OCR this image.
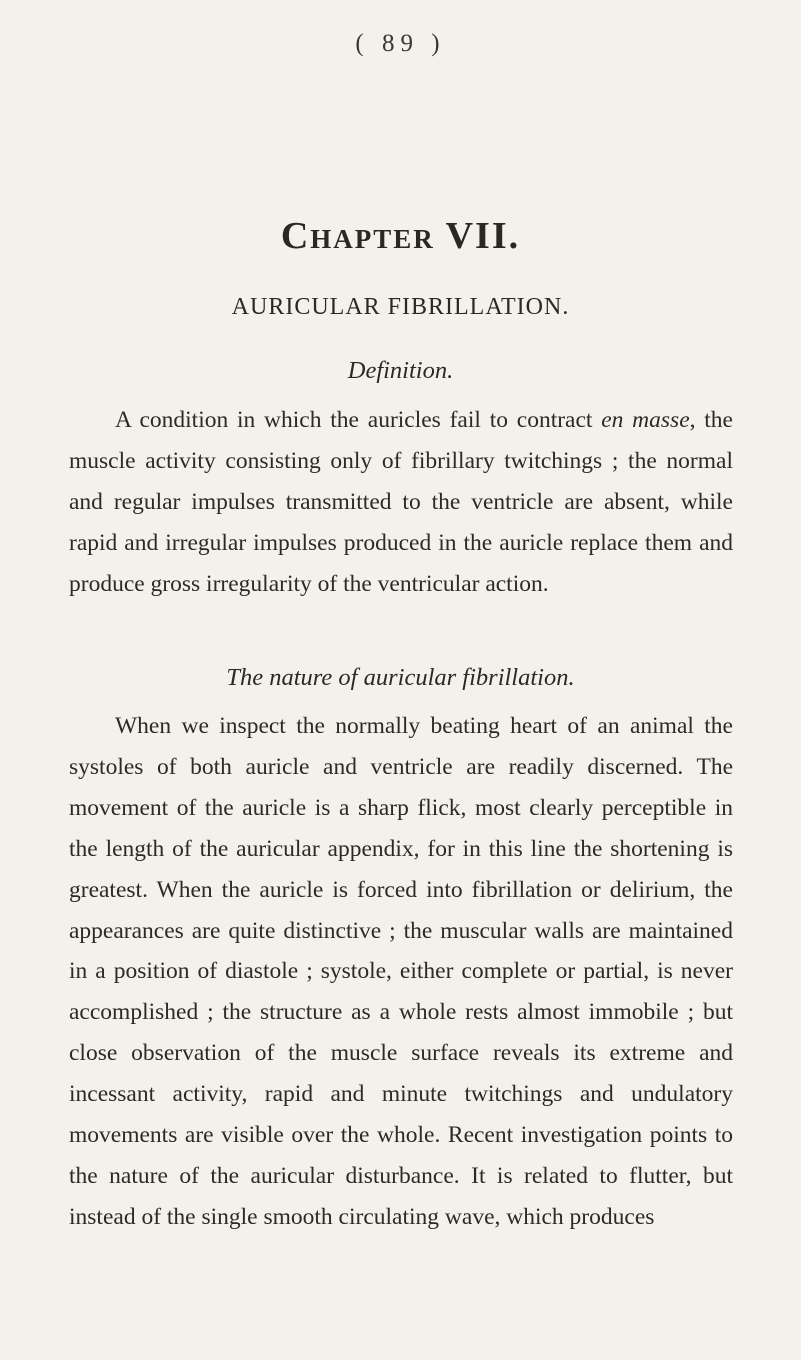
( 89 )
Chapter VII.
AURICULAR FIBRILLATION.
Definition.

A condition in which the auricles fail to contract en masse, the muscle activity consisting only of fibrillary twitchings ; the normal and regular impulses transmitted to the ventricle are absent, while rapid and irregular impulses produced in the auricle replace them and produce gross irregularity of the ventricular action.

The nature of auricular fibrillation.

When we inspect the normally beating heart of an animal the systoles of both auricle and ventricle are readily discerned. The movement of the auricle is a sharp flick, most clearly perceptible in the length of the auricular appendix, for in this line the shortening is greatest. When the auricle is forced into fibrillation or delirium, the appearances are quite distinctive ; the muscular walls are maintained in a position of diastole ; systole, either complete or partial, is never accomplished ; the structure as a whole rests almost immobile ; but close observation of the muscle surface reveals its extreme and incessant activity, rapid and minute twitchings and undulatory movements are visible over the whole. Recent investigation points to the nature of the auricular disturbance. It is related to flutter, but instead of the single smooth circulating wave, which produces
